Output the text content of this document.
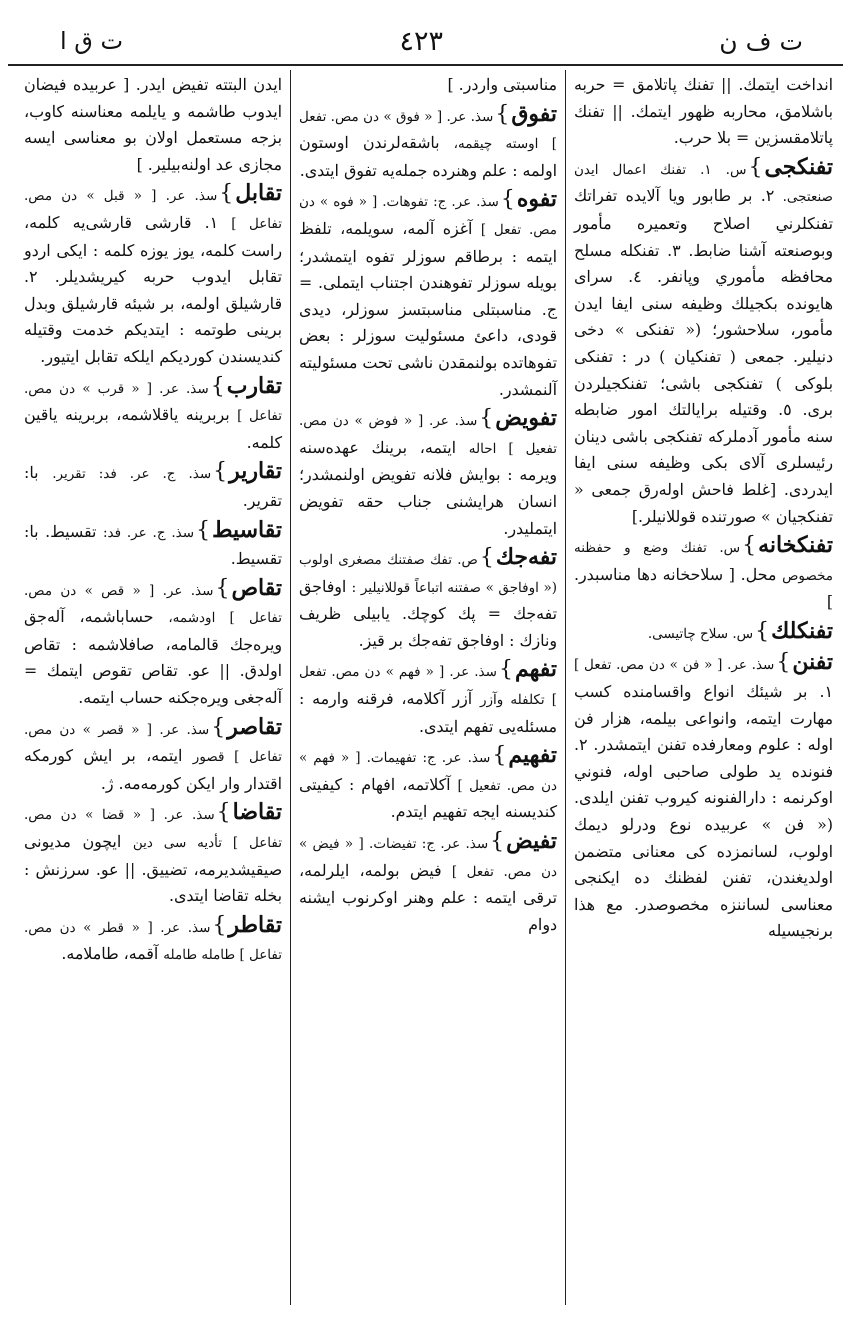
ت ف ن
٤٢٣
ت ق ا

انداخت ايتمك. || تفنك پاتلامق = حربه باشلامق، محاربه ظهور ايتمك. || تفنك پاتلامقسزين = بلا حرب.

تفنكجى}س. ١. تفنك اعمال ايدن صنعتجى. ٢. بر طابور ويا آلايده تفراتك تفنكلرني اصلاح وتعميره مأمور وبوصنعته آشنا ضابط. ٣. تفنكله مسلح محافظه مأموري وپانفر. ٤. سراى هايونده بكجيلك وظيفه ‌سنى ايفا ايدن مأمور، سلاحشور؛ (« تفنكى » دخى دنيلير. جمعى ( تفنكيان ) در : تفنكى بلوكى ) تفنكجى باشى؛ تفنكجيلردن برى. ٥. وقتيله برايالتك امور ضابطه ‌سنه مأمور آدملركه تفنكجى باشى دينان رئيسلرى آلاى بكى وظيفه ‌سنى ايفا ايدردى. [غلط فاحش اوله‌رق جمعى « تفنكجيان » صورتنده قوللانيلر.]

تفنكخانه}س. تفنك وضع و حفظنه مخصوص محل. [ سلاحخانه دها مناسبدر. ]

تفنكلك}س. سلاح چاتيسى.

تفنن}سذ. عر. [ « فن » دن مص. تفعل ] ١. بر شيئك انواع واقسامنده كسب مهارت ايتمه، وانواعى بيلمه، هزار فن اوله : علوم ومعارفده تفنن ايتمشدر. ٢. فنونده يد طولى صاحبى اوله، فنوني اوكرنمه : دارالفنونه كيروب تفنن ايلدى. (« فن » عربيده نوع ودرلو ديمك اولوب، لسانمزده كى معنانى متضمن اولديغندن، تفنن لفظنك ده ايكنجى معناسى لساننزه مخصوصدر. مع هذا برنجيسيله

مناسبتى واردر. ]

تفوق}سذ. عر. [ « فوق » دن مص. تفعل ] اوسته چيقمه، باشقه‌لرندن اوستون اولمه : علم وهنرده جمله‌يه تفوق ايتدى.

تفوه}سذ. عر. ج: تفوهات. [ « فوه » دن مص. تفعل ] آغزه آلمه، سويلمه، تلفظ ايتمه : برطاقم سوزلر تفوه ايتمشدر؛ بويله سوزلر تفوهندن اجتناب ايتملى. = ج. مناسبتلى مناسبتسز سوزلر، ديدى قودى، داعئ مسئوليت سوزلر : بعض تفوهاتده بولنمقدن ناشى تحت مسئوليته آلنمشدر.

تفويض}سذ. عر. [ « فوض » دن مص. تفعيل ] احاله ايتمه، برينك عهده‌سنه ويرمه : بوايش فلانه تفويض اولنمشدر؛ انسان هرايشنى جناب حقه تفويض ايتمليدر.

تفه‌جك}ص. تفك صفتنك مصغرى اولوب (« اوفاجق » صفتنه اتباعاً قوللانيلير : اوفاجق تفه‌جك = پك كوچك. يابيلى ظريف ونازك : اوفاجق تفه‌جك بر قيز.

تفهم}سذ. عر. [ « فهم » دن مص. تفعل ] تكلفله وآزر آزر آكلامه، فرقنه وارمه : مسئله‌يى تفهم ايتدى.

تفهيم}سذ. عر. ج: تفهيمات. [ « فهم » دن مص. تفعيل ] آكلاتمه، افهام : كيفيتى كنديسنه ايجه تفهيم ايتدم.

تفيض}سذ. عر. ج: تفيضات. [ « فيض » دن مص. تفعل ] فيض بولمه، ايلرلمه، ترقى ايتمه : علم وهنر اوكرنوب ايشنه دوام

ايدن البتته تفيض ايدر. [ عربيده فيضان ايدوب طاشمه و يايلمه معناسنه كاوب، بزجه مستعمل اولان بو معناسى ايسه مجازى عد اولنه‌بيلير. ]

تقابل}سذ. عر. [ « قبل » دن مص. تفاعل ] ١. قارشى قارشى‌يه كلمه، راست كلمه، يوز يوزه كلمه : ايكى اردو تقابل ايدوب حربه كيريشديلر. ٢. قارشيلق اولمه، بر شيئه قارشيلق وبدل برينى طوتمه : ايتديكم خدمت وقتيله كنديسندن كورديكم ايلكه تقابل ايتيور.

تقارب}سذ. عر. [ « قرب » دن مص. تفاعل ] بربرينه ياقلاشمه، بربرينه ياقين كلمه.

تقارير}سذ. ج. عر. فد: تقرير. با: تقرير.

تقاسيط}سذ. ج. عر. فد: تقسيط. با: تقسيط.

تقاص}سذ. عر. [ « قص » دن مص. تفاعل ] اودشمه، حساباشمه، آله‌جق ويره‌جك قالمامه، صافلاشمه : تقاص اولدق. || عو. تقاص تقوص ايتمك = آله‌جغى ويره‌جكنه حساب ايتمه.

تقاصر}سذ. عر. [ « قصر » دن مص. تفاعل ] قصور ايتمه، بر ايش كورمكه اقتدار وار ايكن كورمه‌مه. ژ.

تقاضا}سذ. عر. [ « قضا » دن مص. تفاعل ] تأديه‌ سى دين ايچون مديونى صيقيشديرمه، تضييق. || عو. سرزنش : بخله تقاضا ايتدى.

تقاطر}سذ. عر. [ « قطر » دن مص. تفاعل ] طامله طامله آقمه، طاملامه.
